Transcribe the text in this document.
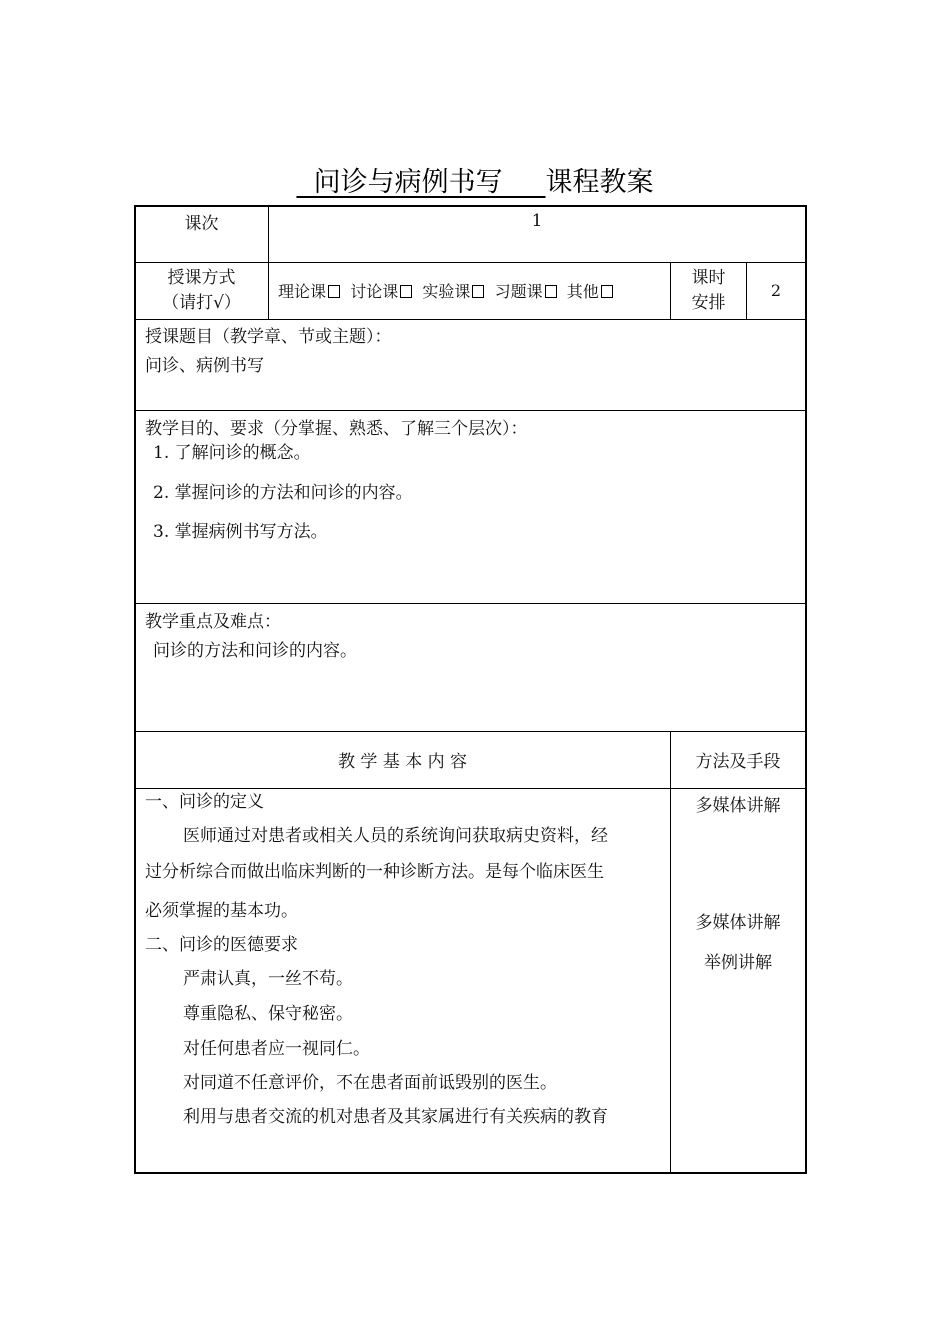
问诊与病例书写     课程教案
课次	1
授课方式
（请打√）
理论课 讨论课 实验课 习题课 其他
课时
安排
2
授课题目（教学章、节或主题）：
问诊、病例书写
教学目的、要求（分掌握、熟悉、了解三个层次）：
1. 了解问诊的概念。
2. 掌握问诊的方法和问诊的内容。
3. 掌握病例书写方法。
教学重点及难点：
问诊的方法和问诊的内容。
教 学 基 本 内 容	方法及手段
一、问诊的定义
医师通过对患者或相关人员的系统询问获取病史资料，经
过分析综合而做出临床判断的一种诊断方法。是每个临床医生
必须掌握的基本功。
二、问诊的医德要求
严肃认真，一丝不苟。
尊重隐私、保守秘密。
对任何患者应一视同仁。
对同道不任意评价，不在患者面前诋毁别的医生。
利用与患者交流的机对患者及其家属进行有关疾病的教育
多媒体讲解
多媒体讲解
举例讲解
